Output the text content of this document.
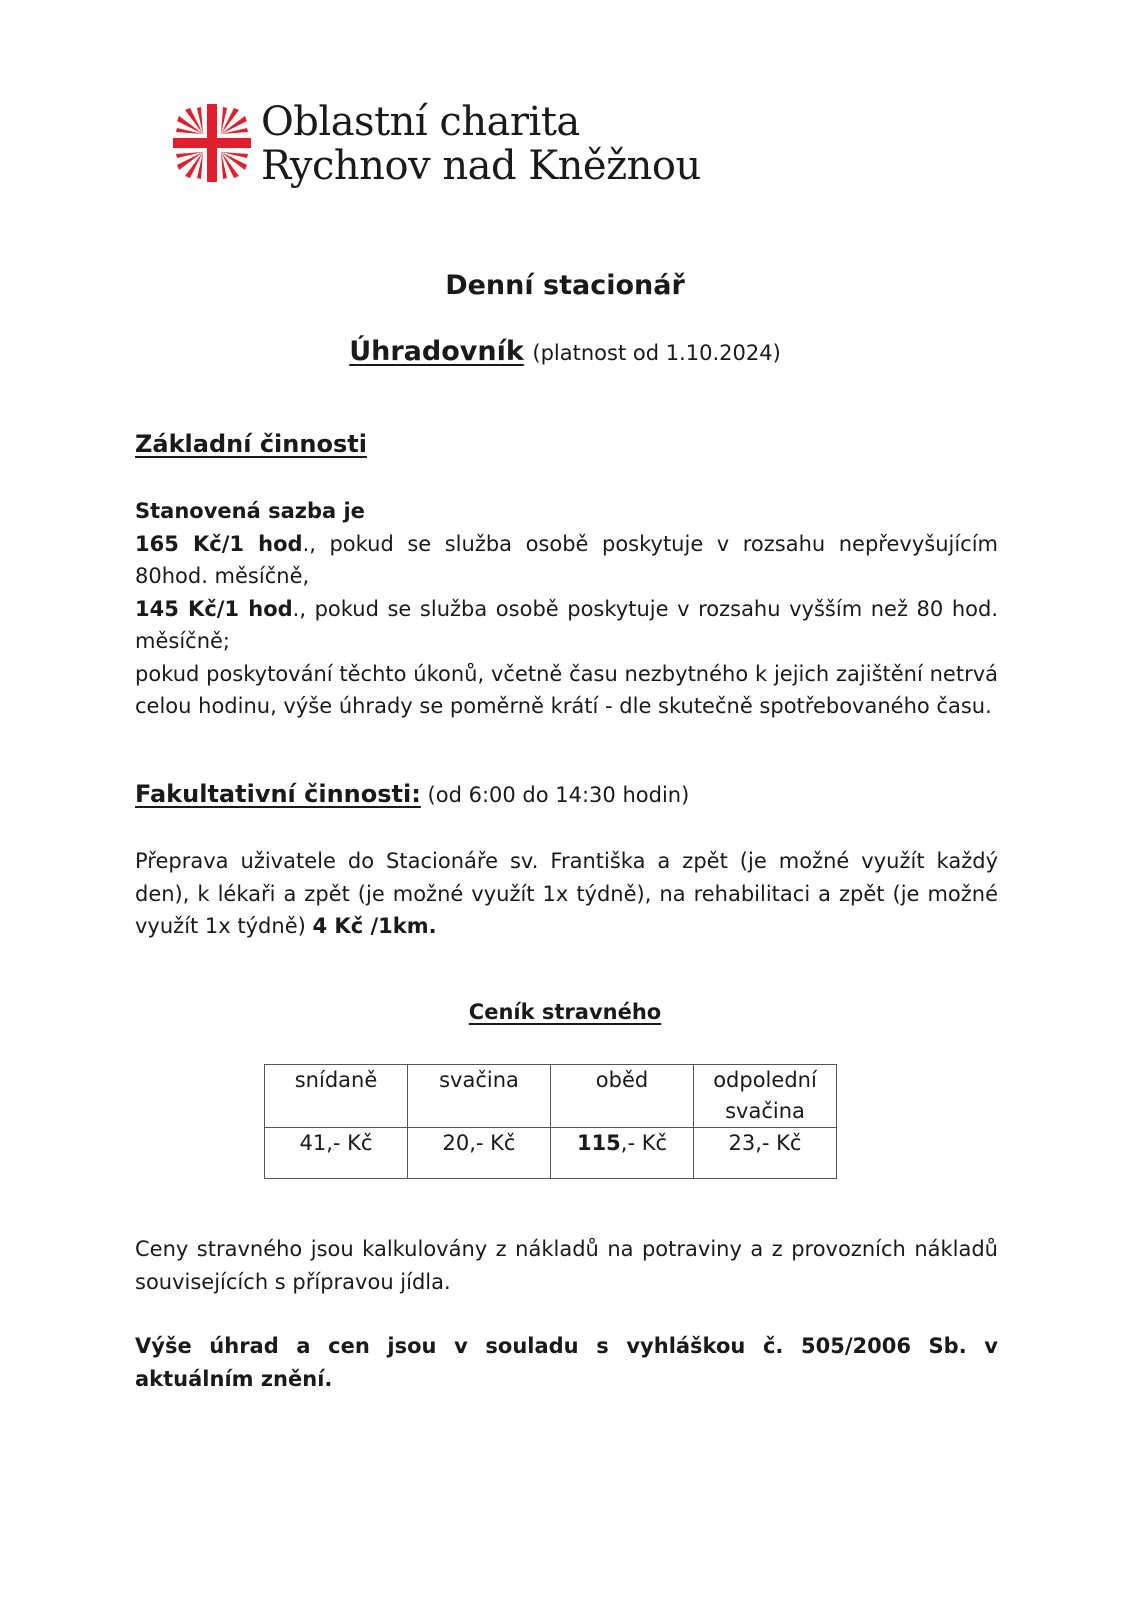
Oblastní charita
Rychnov nad Kněžnou
Denní stacionář
Úhradovník (platnost od 1.10.2024)
Základní činnosti
Stanovená sazba je
165 Kč/1 hod., pokud se služba osobě poskytuje v rozsahu nepřevyšujícím 80hod. měsíčně,
145 Kč/1 hod., pokud se služba osobě poskytuje v rozsahu vyšším než 80 hod. měsíčně;
pokud poskytování těchto úkonů, včetně času nezbytného k jejich zajištění netrvá celou hodinu, výše úhrady se poměrně krátí - dle skutečně spotřebovaného času.
Fakultativní činnosti: (od 6:00 do 14:30 hodin)
Přeprava uživatele do Stacionáře sv. Františka a zpět (je možné využít každý den), k lékaři a zpět (je možné využít 1x týdně), na rehabilitaci a zpět (je možné využít 1x týdně) 4 Kč /1km.
Ceník stravného
snídaně	svačina	oběd	odpolední svačina
41,- Kč	20,- Kč	115,- Kč	23,- Kč
Ceny stravného jsou kalkulovány z nákladů na potraviny a z provozních nákladů souvisejících s přípravou jídla.
Výše úhrad a cen jsou v souladu s vyhláškou č. 505/2006 Sb. v aktuálním znění.
